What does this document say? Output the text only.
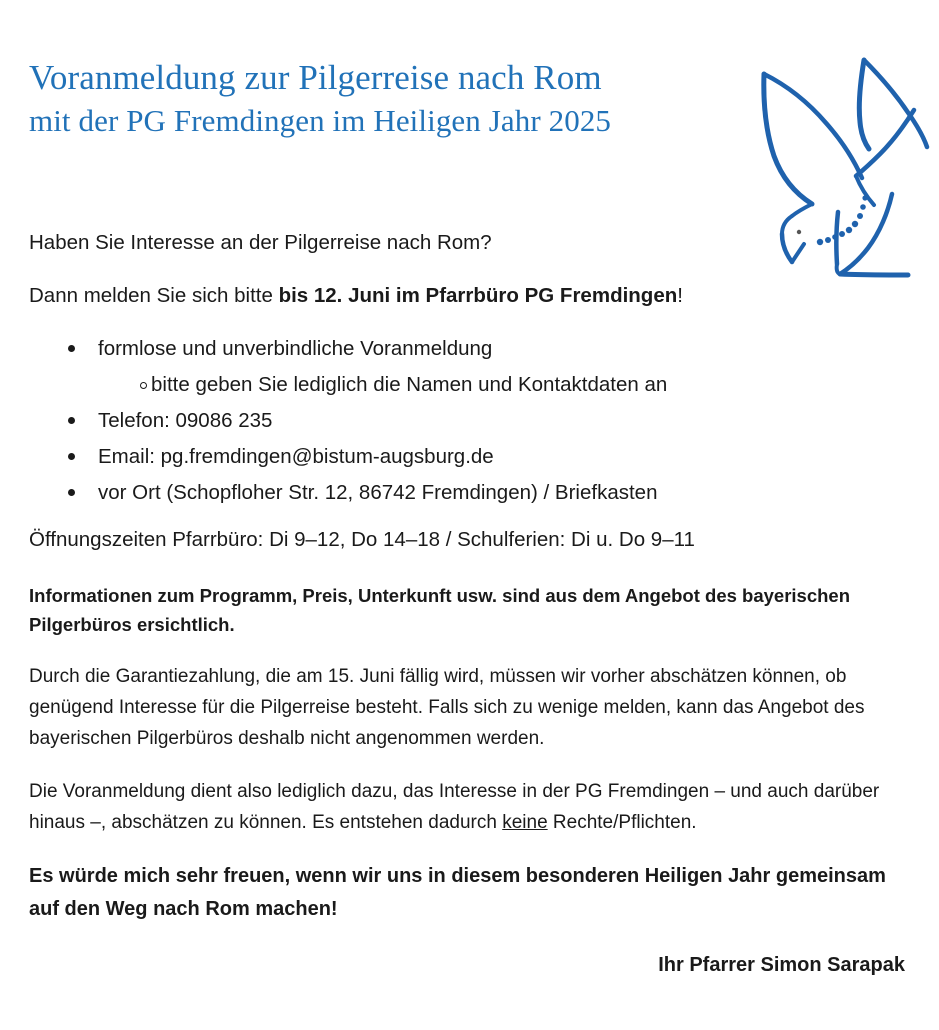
Voranmeldung zur Pilgerreise nach Rom
mit der PG Fremdingen im Heiligen Jahr 2025

Haben Sie Interesse an der Pilgerreise nach Rom?

Dann melden Sie sich bitte bis 12. Juni im Pfarrbüro PG Fremdingen!

formlose und unverbindliche Voranmeldung
bitte geben Sie lediglich die Namen und Kontaktdaten an
Telefon: 09086 235
Email: pg.fremdingen@bistum-augsburg.de
vor Ort (Schopfloher Str. 12, 86742 Fremdingen) / Briefkasten

Öffnungszeiten Pfarrbüro: Di 9–12, Do 14–18 / Schulferien: Di u. Do 9–11

Informationen zum Programm, Preis, Unterkunft usw. sind aus dem Angebot des bayerischen Pilgerbüros ersichtlich.

Durch die Garantiezahlung, die am 15. Juni fällig wird, müssen wir vorher abschätzen können, ob genügend Interesse für die Pilgerreise besteht. Falls sich zu wenige melden, kann das Angebot des bayerischen Pilgerbüros deshalb nicht angenommen werden.

Die Voranmeldung dient also lediglich dazu, das Interesse in der PG Fremdingen – und auch darüber hinaus –, abschätzen zu können. Es entstehen dadurch keine Rechte/Pflichten.

Es würde mich sehr freuen, wenn wir uns in diesem besonderen Heiligen Jahr gemeinsam auf den Weg nach Rom machen!

Ihr Pfarrer Simon Sarapak
